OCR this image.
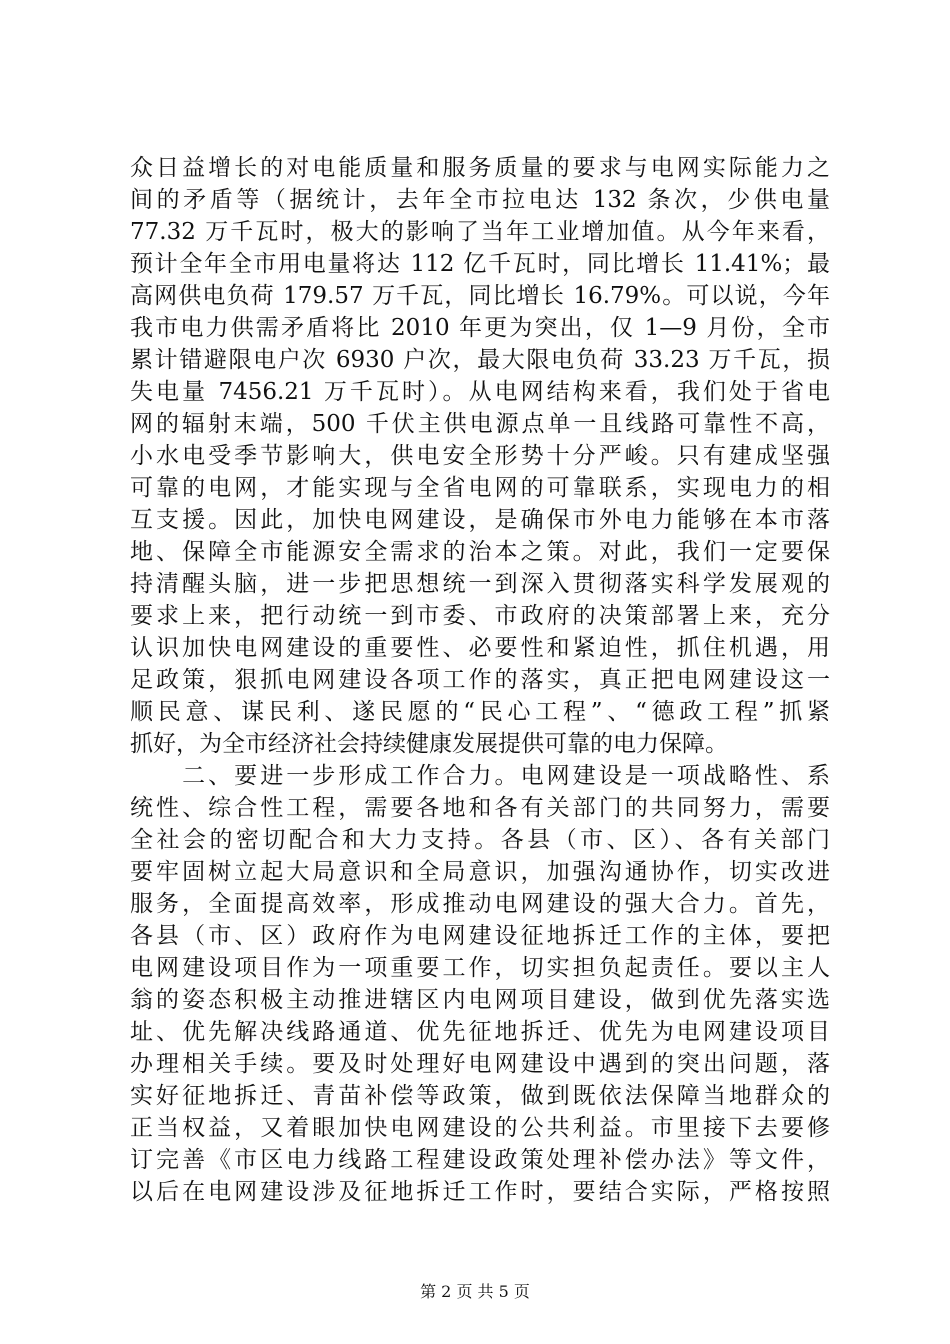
众日益增长的对电能质量和服务质量的要求与电网实际能力之
间的矛盾等（据统计，去年全市拉电达 132 条次，少供电量
77.32 万千瓦时，极大的影响了当年工业增加值。从今年来看，
预计全年全市用电量将达 112 亿千瓦时，同比增长 11.41%；最
高网供电负荷 179.57 万千瓦，同比增长 16.79%。可以说，今年
我市电力供需矛盾将比 2010 年更为突出，仅 1—9 月份，全市
累计错避限电户次 6930 户次，最大限电负荷 33.23 万千瓦，损
失电量 7456.21 万千瓦时）。从电网结构来看，我们处于省电
网的辐射末端，500 千伏主供电源点单一且线路可靠性不高，
小水电受季节影响大，供电安全形势十分严峻。只有建成坚强
可靠的电网，才能实现与全省电网的可靠联系，实现电力的相
互支援。因此，加快电网建设，是确保市外电力能够在本市落
地、保障全市能源安全需求的治本之策。对此，我们一定要保
持清醒头脑，进一步把思想统一到深入贯彻落实科学发展观的
要求上来，把行动统一到市委、市政府的决策部署上来，充分
认识加快电网建设的重要性、必要性和紧迫性，抓住机遇，用
足政策，狠抓电网建设各项工作的落实，真正把电网建设这一
顺民意、谋民利、遂民愿的“民心工程”、“德政工程”抓紧
抓好，为全市经济社会持续健康发展提供可靠的电力保障。
　　二、要进一步形成工作合力。电网建设是一项战略性、系
统性、综合性工程，需要各地和各有关部门的共同努力，需要
全社会的密切配合和大力支持。各县（市、区）、各有关部门
要牢固树立起大局意识和全局意识，加强沟通协作，切实改进
服务，全面提高效率，形成推动电网建设的强大合力。首先，
各县（市、区）政府作为电网建设征地拆迁工作的主体，要把
电网建设项目作为一项重要工作，切实担负起责任。要以主人
翁的姿态积极主动推进辖区内电网项目建设，做到优先落实选
址、优先解决线路通道、优先征地拆迁、优先为电网建设项目
办理相关手续。要及时处理好电网建设中遇到的突出问题，落
实好征地拆迁、青苗补偿等政策，做到既依法保障当地群众的
正当权益，又着眼加快电网建设的公共利益。市里接下去要修
订完善《市区电力线路工程建设政策处理补偿办法》等文件，
以后在电网建设涉及征地拆迁工作时，要结合实际，严格按照
第 2 页 共 5 页
